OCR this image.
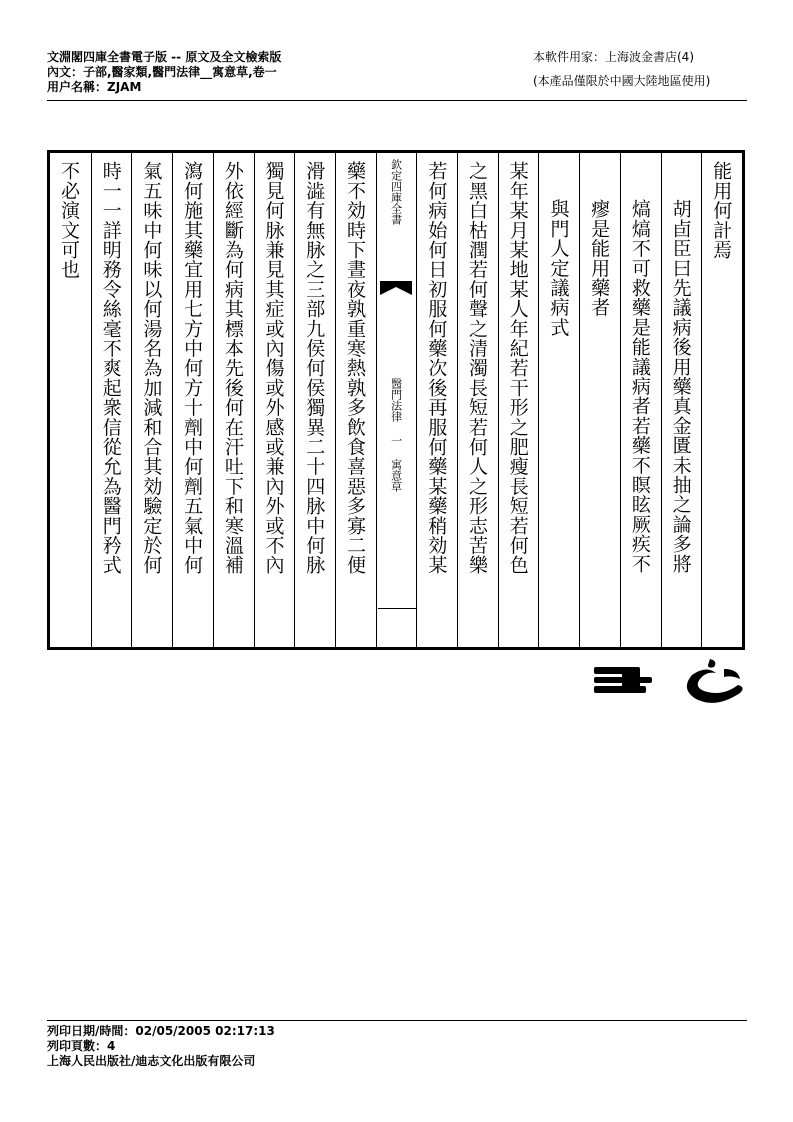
文淵閣四庫全書電子版 -- 原文及全文檢索版
內文：子部,醫家類,醫門法律__寓意草,卷一
用户名稱：ZJAM
本軟件用家：上海波金書店(4)
(本產品僅限於中國大陸地區使用)
能用何計焉
胡卣臣曰先議病後用藥真金匱未抽之論多將
熇熇不可救藥是能議病者若藥不瞑眩厥疾不
瘳是能用藥者
與門人定議病式
某年某月某地某人年紀若干形之肥瘦長短若何色
之黑白枯潤若何聲之清濁長短若何人之形志苦樂
若何病始何日初服何藥次後再服何藥某藥稍効某
欽定四庫全書
醫門法律 一 寓意草
藥不効時下晝夜孰重寒熱孰多飲食喜惡多寡二便
滑澁有無脉之三部九侯何侯獨異二十四脉中何脉
獨見何脉兼見其症或內傷或外感或兼內外或不內
外依經斷為何病其標本先後何在汗吐下和寒溫補
瀉何施其藥宜用七方中何方十劑中何劑五氣中何
氣五味中何味以何湯名為加減和合其効驗定於何
時一一詳明務令絲毫不爽起衆信從允為醫門矜式
不必演文可也
列印日期/時間：02/05/2005 02:17:13
列印頁數：4
上海人民出版社/迪志文化出版有限公司
